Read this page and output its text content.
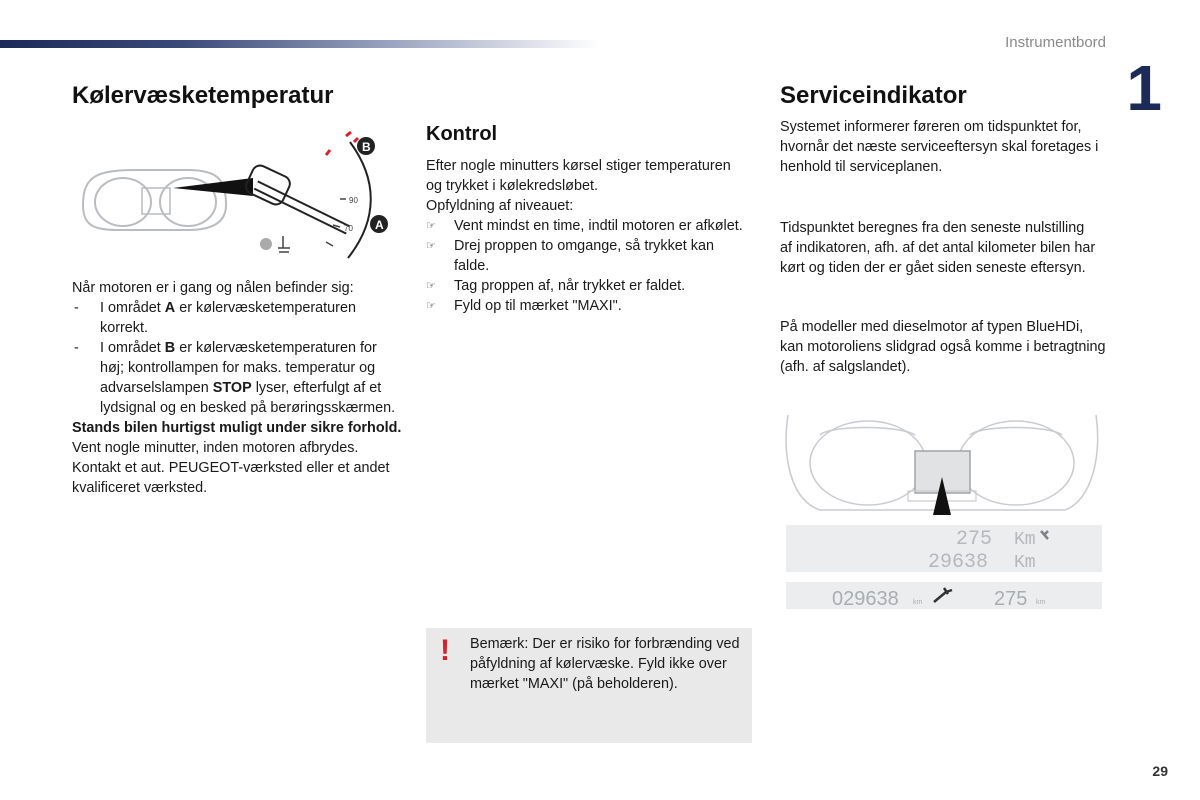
Instrumentbord
1
Kølervæsketemperatur
90
70
B
A
Når motoren er i gang og nålen befinder sig:
- I området A er kølervæsketemperaturen korrekt.
- I området B er kølervæsketemperaturen for høj; kontrollampen for maks. temperatur og advarselslampen STOP lyser, efterfulgt af et lydsignal og en besked på berøringsskærmen.
Stands bilen hurtigst muligt under sikre forhold.
Vent nogle minutter, inden motoren afbrydes. Kontakt et aut. PEUGEOT-værksted eller et andet kvalificeret værksted.
Kontrol
Efter nogle minutters kørsel stiger temperaturen og trykket i kølekredsløbet.
Opfyldning af niveauet:
☞ Vent mindst en time, indtil motoren er afkølet.
☞ Drej proppen to omgange, så trykket kan falde.
☞ Tag proppen af, når trykket er faldet.
☞ Fyld op til mærket "MAXI".
! Bemærk: Der er risiko for forbrænding ved påfyldning af kølervæske. Fyld ikke over mærket "MAXI" (på beholderen).
Serviceindikator
Systemet informerer føreren om tidspunktet for, hvornår det næste serviceeftersyn skal foretages i henhold til serviceplanen.
Tidspunktet beregnes fra den seneste nulstilling af indikatoren, afh. af det antal kilometer bilen har kørt og tiden der er gået siden seneste eftersyn.
På modeller med dieselmotor af typen BlueHDi, kan motoroliens slidgrad også komme i betragtning (afh. af salgslandet).
275 Km
29638 Km
029638 km	275 km
29
